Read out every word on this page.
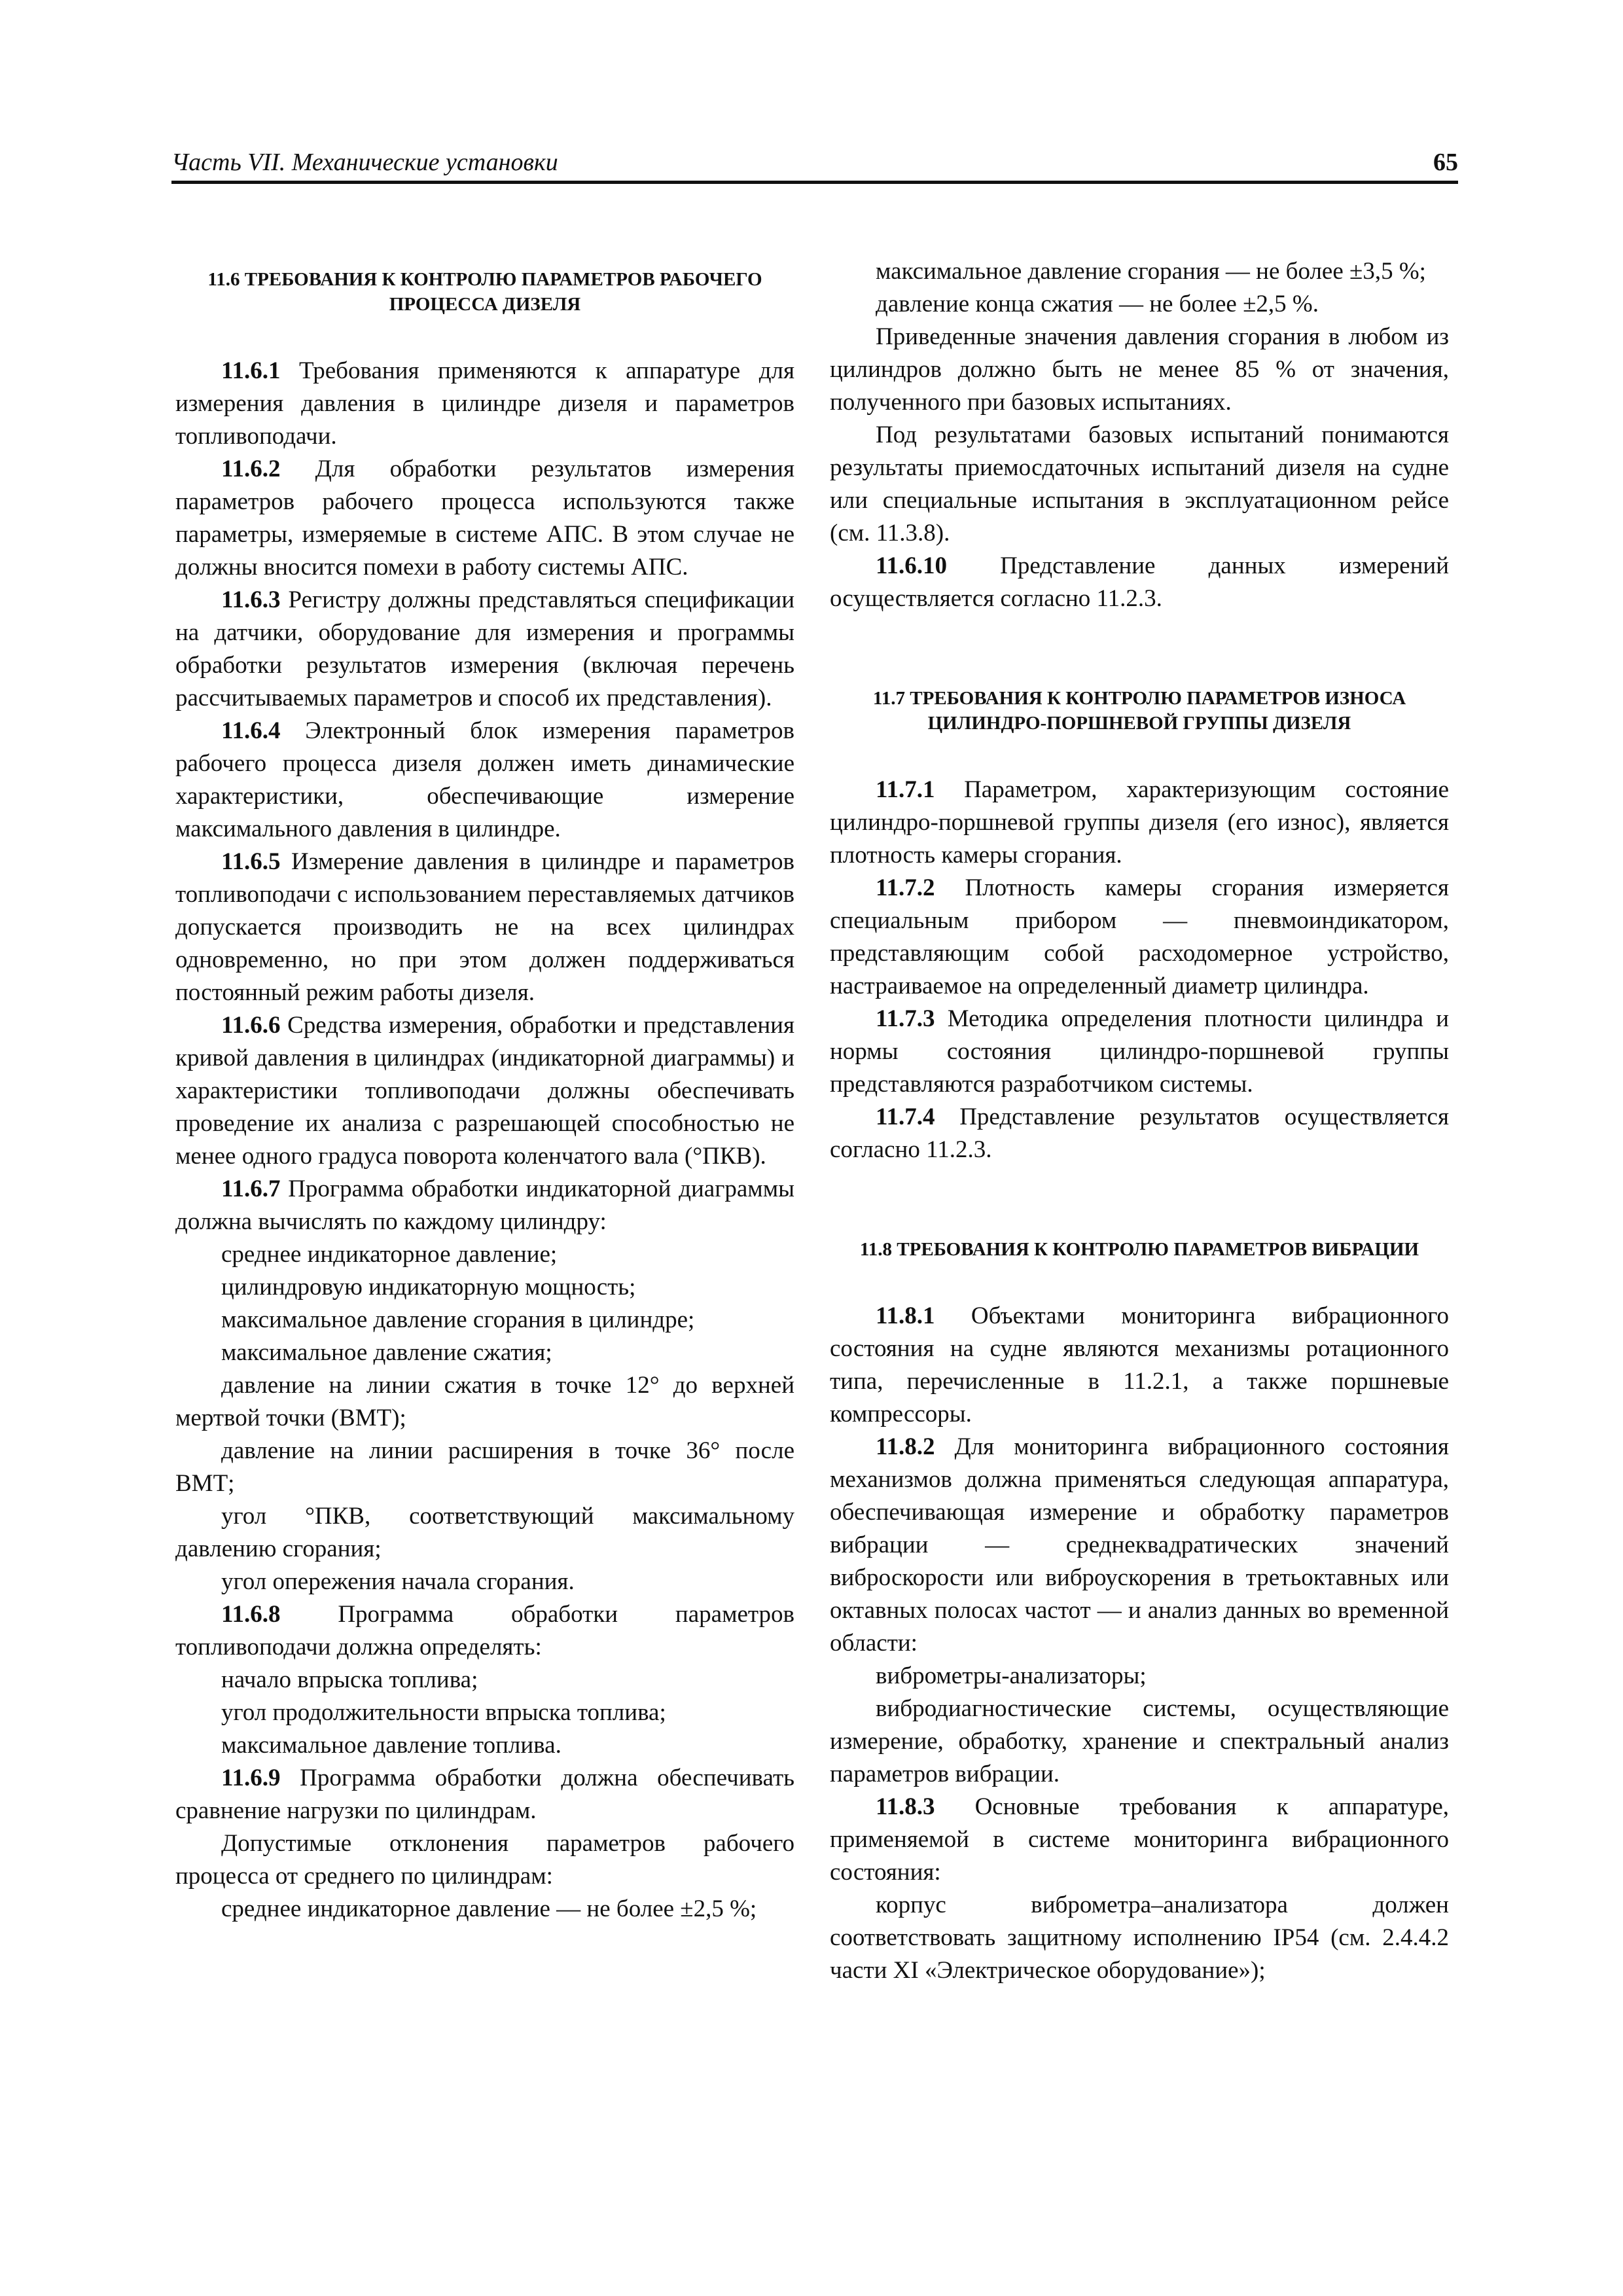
Часть VII. Механические установки	65
11.6 ТРЕБОВАНИЯ К КОНТРОЛЮ ПАРАМЕТРОВ РАБОЧЕГО ПРОЦЕССА ДИЗЕЛЯ

11.6.1 Требования применяются к аппаратуре для измерения давления в цилиндре дизеля и параметров топливоподачи.

11.6.2 Для обработки результатов измерения параметров рабочего процесса используются также параметры, измеряемые в системе АПС. В этом случае не должны вносится помехи в работу системы АПС.

11.6.3 Регистру должны представляться спецификации на датчики, оборудование для измерения и программы обработки результатов измерения (включая перечень рассчитываемых параметров и способ их представления).

11.6.4 Электронный блок измерения параметров рабочего процесса дизеля должен иметь динамические характеристики, обеспечивающие измерение максимального давления в цилиндре.

11.6.5 Измерение давления в цилиндре и параметров топливоподачи с использованием переставляемых датчиков допускается производить не на всех цилиндрах одновременно, но при этом должен поддерживаться постоянный режим работы дизеля.

11.6.6 Средства измерения, обработки и представления кривой давления в цилиндрах (индикаторной диаграммы) и характеристики топливоподачи должны обеспечивать проведение их анализа с разрешающей способностью не менее одного градуса поворота коленчатого вала (°ПКВ).

11.6.7 Программа обработки индикаторной диаграммы должна вычислять по каждому цилиндру:

среднее индикаторное давление;

цилиндровую индикаторную мощность;

максимальное давление сгорания в цилиндре;

максимальное давление сжатия;

давление на линии сжатия в точке 12° до верхней мертвой точки (ВМТ);

давление на линии расширения в точке 36° после ВМТ;

угол °ПКВ, соответствующий максимальному давлению сгорания;

угол опережения начала сгорания.

11.6.8 Программа обработки параметров топливоподачи должна определять:

начало впрыска топлива;

угол продолжительности впрыска топлива;

максимальное давление топлива.

11.6.9 Программа обработки должна обеспечивать сравнение нагрузки по цилиндрам.

Допустимые отклонения параметров рабочего процесса от среднего по цилиндрам:

среднее индикаторное давление — не более ±2,5 %;

максимальное давление сгорания — не более ±3,5 %;

давление конца сжатия — не более ±2,5 %.

Приведенные значения давления сгорания в любом из цилиндров должно быть не менее 85 % от значения, полученного при базовых испытаниях.

Под результатами базовых испытаний понимаются результаты приемосдаточных испытаний дизеля на судне или специальные испытания в эксплуатационном рейсе (см. 11.3.8).

11.6.10 Представление данных измерений осуществляется согласно 11.2.3.

11.7 ТРЕБОВАНИЯ К КОНТРОЛЮ ПАРАМЕТРОВ ИЗНОСА ЦИЛИНДРО-ПОРШНЕВОЙ ГРУППЫ ДИЗЕЛЯ

11.7.1 Параметром, характеризующим состояние цилиндро-поршневой группы дизеля (его износ), является плотность камеры сгорания.

11.7.2 Плотность камеры сгорания измеряется специальным прибором — пневмоиндикатором, представляющим собой расходомерное устройство, настраиваемое на определенный диаметр цилиндра.

11.7.3 Методика определения плотности цилиндра и нормы состояния цилиндро-поршневой группы представляются разработчиком системы.

11.7.4 Представление результатов осуществляется согласно 11.2.3.

11.8 ТРЕБОВАНИЯ К КОНТРОЛЮ ПАРАМЕТРОВ ВИБРАЦИИ

11.8.1 Объектами мониторинга вибрационного состояния на судне являются механизмы ротационного типа, перечисленные в 11.2.1, а также поршневые компрессоры.

11.8.2 Для мониторинга вибрационного состояния механизмов должна применяться следующая аппаратура, обеспечивающая измерение и обработку параметров вибрации — среднеквадратических значений виброскорости или виброускорения в третьоктавных или октавных полосах частот — и анализ данных во временной области:

виброметры-анализаторы;

вибродиагностические системы, осуществляющие измерение, обработку, хранение и спектральный анализ параметров вибрации.

11.8.3 Основные требования к аппаратуре, применяемой в системе мониторинга вибрационного состояния:

корпус виброметра–анализатора должен соответствовать защитному исполнению IP54 (см. 2.4.4.2 части XI «Электрическое оборудование»);
